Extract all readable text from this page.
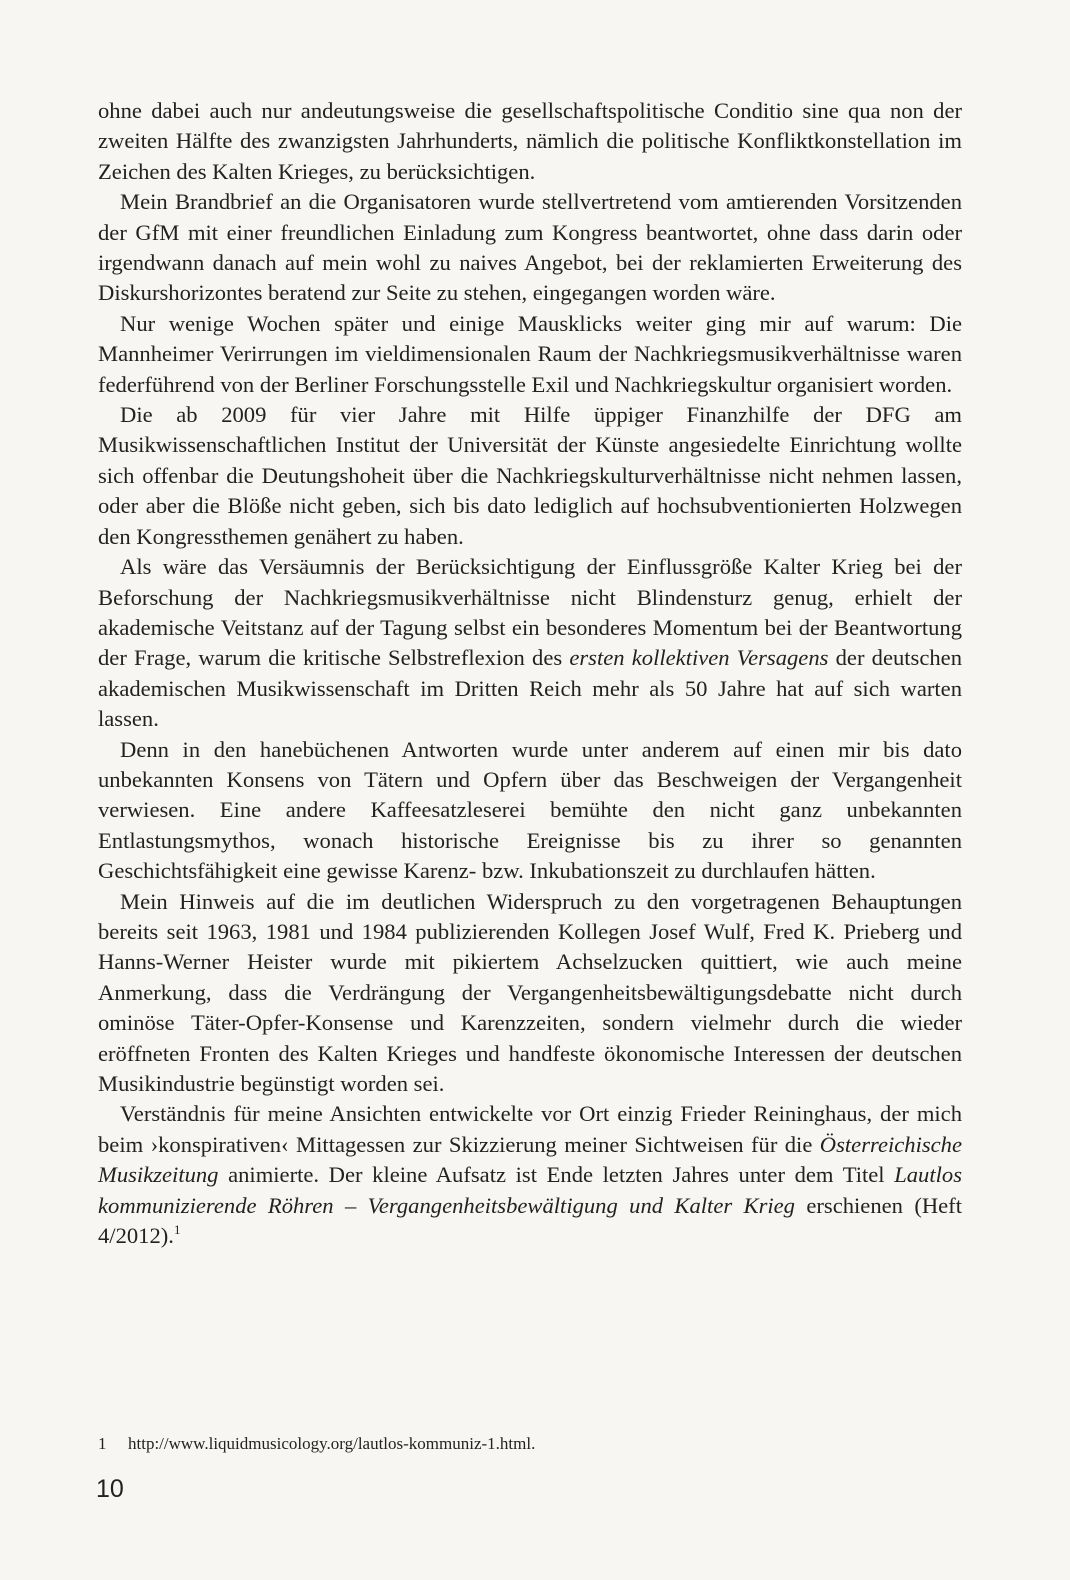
ohne dabei auch nur andeutungsweise die gesellschaftspolitische Conditio sine qua non der zweiten Hälfte des zwanzigsten Jahrhunderts, nämlich die politische Konfliktkonstellation im Zeichen des Kalten Krieges, zu berücksichtigen.

Mein Brandbrief an die Organisatoren wurde stellvertretend vom amtierenden Vorsitzenden der GfM mit einer freundlichen Einladung zum Kongress beantwortet, ohne dass darin oder irgendwann danach auf mein wohl zu naives Angebot, bei der reklamierten Erweiterung des Diskurshorizontes beratend zur Seite zu stehen, eingegangen worden wäre.

Nur wenige Wochen später und einige Mausklicks weiter ging mir auf warum: Die Mannheimer Verirrungen im vieldimensionalen Raum der Nachkriegsmusikverhältnisse waren federführend von der Berliner Forschungsstelle Exil und Nachkriegskultur organisiert worden.

Die ab 2009 für vier Jahre mit Hilfe üppiger Finanzhilfe der DFG am Musikwissenschaftlichen Institut der Universität der Künste angesiedelte Einrichtung wollte sich offenbar die Deutungshoheit über die Nachkriegskulturverhältnisse nicht nehmen lassen, oder aber die Blöße nicht geben, sich bis dato lediglich auf hochsubventionierten Holzwegen den Kongressthemen genähert zu haben.

Als wäre das Versäumnis der Berücksichtigung der Einflussgröße Kalter Krieg bei der Beforschung der Nachkriegsmusikverhältnisse nicht Blindensturz genug, erhielt der akademische Veitstanz auf der Tagung selbst ein besonderes Momentum bei der Beantwortung der Frage, warum die kritische Selbstreflexion des ersten kollektiven Versagens der deutschen akademischen Musikwissenschaft im Dritten Reich mehr als 50 Jahre hat auf sich warten lassen.

Denn in den hanebüchenen Antworten wurde unter anderem auf einen mir bis dato unbekannten Konsens von Tätern und Opfern über das Beschweigen der Vergangenheit verwiesen. Eine andere Kaffeesatzleserei bemühte den nicht ganz unbekannten Entlastungsmythos, wonach historische Ereignisse bis zu ihrer so genannten Geschichtsfähigkeit eine gewisse Karenz- bzw. Inkubationszeit zu durchlaufen hätten.

Mein Hinweis auf die im deutlichen Widerspruch zu den vorgetragenen Behauptungen bereits seit 1963, 1981 und 1984 publizierenden Kollegen Josef Wulf, Fred K. Prieberg und Hanns-Werner Heister wurde mit pikiertem Achselzucken quittiert, wie auch meine Anmerkung, dass die Verdrängung der Vergangenheitsbewältigungsdebatte nicht durch ominöse Täter-Opfer-Konsense und Karenzzeiten, sondern vielmehr durch die wieder eröffneten Fronten des Kalten Krieges und handfeste ökonomische Interessen der deutschen Musikindustrie begünstigt worden sei.

Verständnis für meine Ansichten entwickelte vor Ort einzig Frieder Reininghaus, der mich beim ›konspirativen‹ Mittagessen zur Skizzierung meiner Sichtweisen für die Österreichische Musikzeitung animierte. Der kleine Aufsatz ist Ende letzten Jahres unter dem Titel Lautlos kommunizierende Röhren – Vergangenheitsbewältigung und Kalter Krieg erschienen (Heft 4/2012).$^1$

1 http://www.liquidmusicology.org/lautlos-kommuniz-1.html.
10
